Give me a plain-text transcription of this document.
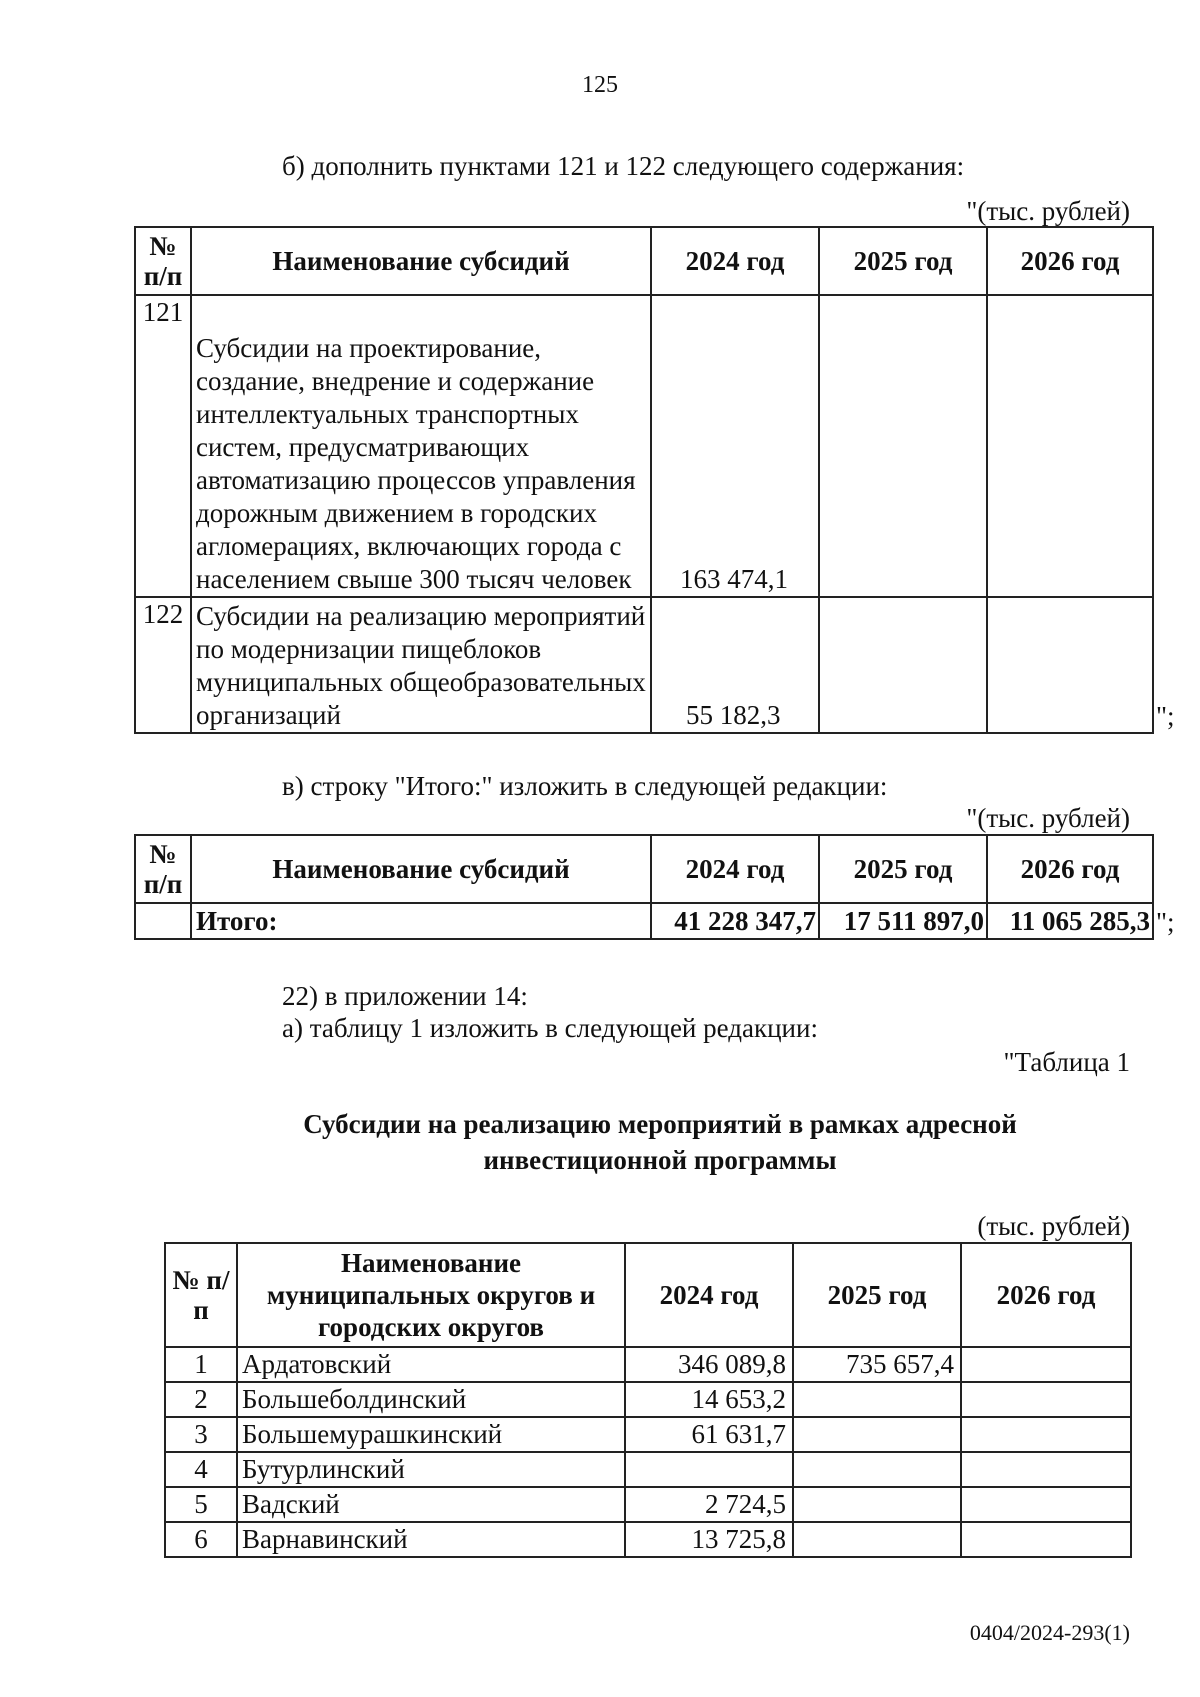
125
б) дополнить пунктами 121 и 122 следующего содержания:
"(тыс. рублей)
№ п/п	Наименование субсидий	2024 год	2025 год	2026 год
121	Субсидии на проектирование, создание, внедрение и содержание интеллектуальных транспортных систем, предусматривающих автоматизацию процессов управления дорожным движением в городских агломерациях, включающих города с населением свыше 300 тысяч человек	163 474,1		
122	Субсидии на реализацию мероприятий по модернизации пищеблоков муниципальных общеобразовательных организаций	55 182,3			";
в) строку "Итого:" изложить в следующей редакции:
"(тыс. рублей)
№ п/п	Наименование субсидий	2024 год	2025 год	2026 год
	Итого:	41 228 347,7	17 511 897,0	11 065 285,3 ";
22) в приложении 14:
а) таблицу 1 изложить в следующей редакции:
"Таблица 1
Субсидии на реализацию мероприятий в рамках адресной
инвестиционной программы
(тыс. рублей)
№ п/п	Наименование муниципальных округов и городских округов	2024 год	2025 год	2026 год
1	Ардатовский	346 089,8	735 657,4	
2	Большеболдинский	14 653,2		
3	Большемурашкинский	61 631,7		
4	Бутурлинский			
5	Вадский	2 724,5		
6	Варнавинский	13 725,8		
0404/2024-293(1)
